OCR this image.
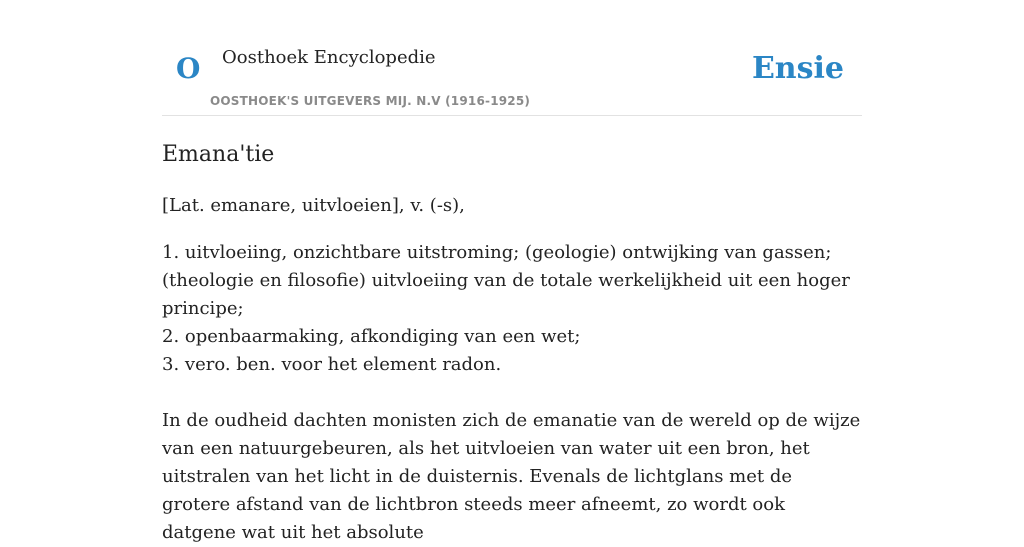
O Oosthoek Encyclopedie
OOSTHOEK'S UITGEVERS MIJ. N.V (1916-1925)
Ensie
Emana'tie

[Lat. emanare, uitvloeien], v. (-s),

1. uitvloeiing, onzichtbare uitstroming; (geologie) ontwijking van gassen; (theologie en filosofie) uitvloeiing van de totale werkelijkheid uit een hoger principe;
2. openbaarmaking, afkondiging van een wet;
3. vero. ben. voor het element radon.

In de oudheid dachten monisten zich de emanatie van de wereld op de wijze van een natuurgebeuren, als het uitvloeien van water uit een bron, het uitstralen van het licht in de duisternis. Evenals de lichtglans met de grotere afstand van de lichtbron steeds meer afneemt, zo wordt ook datgene wat uit het absolute
